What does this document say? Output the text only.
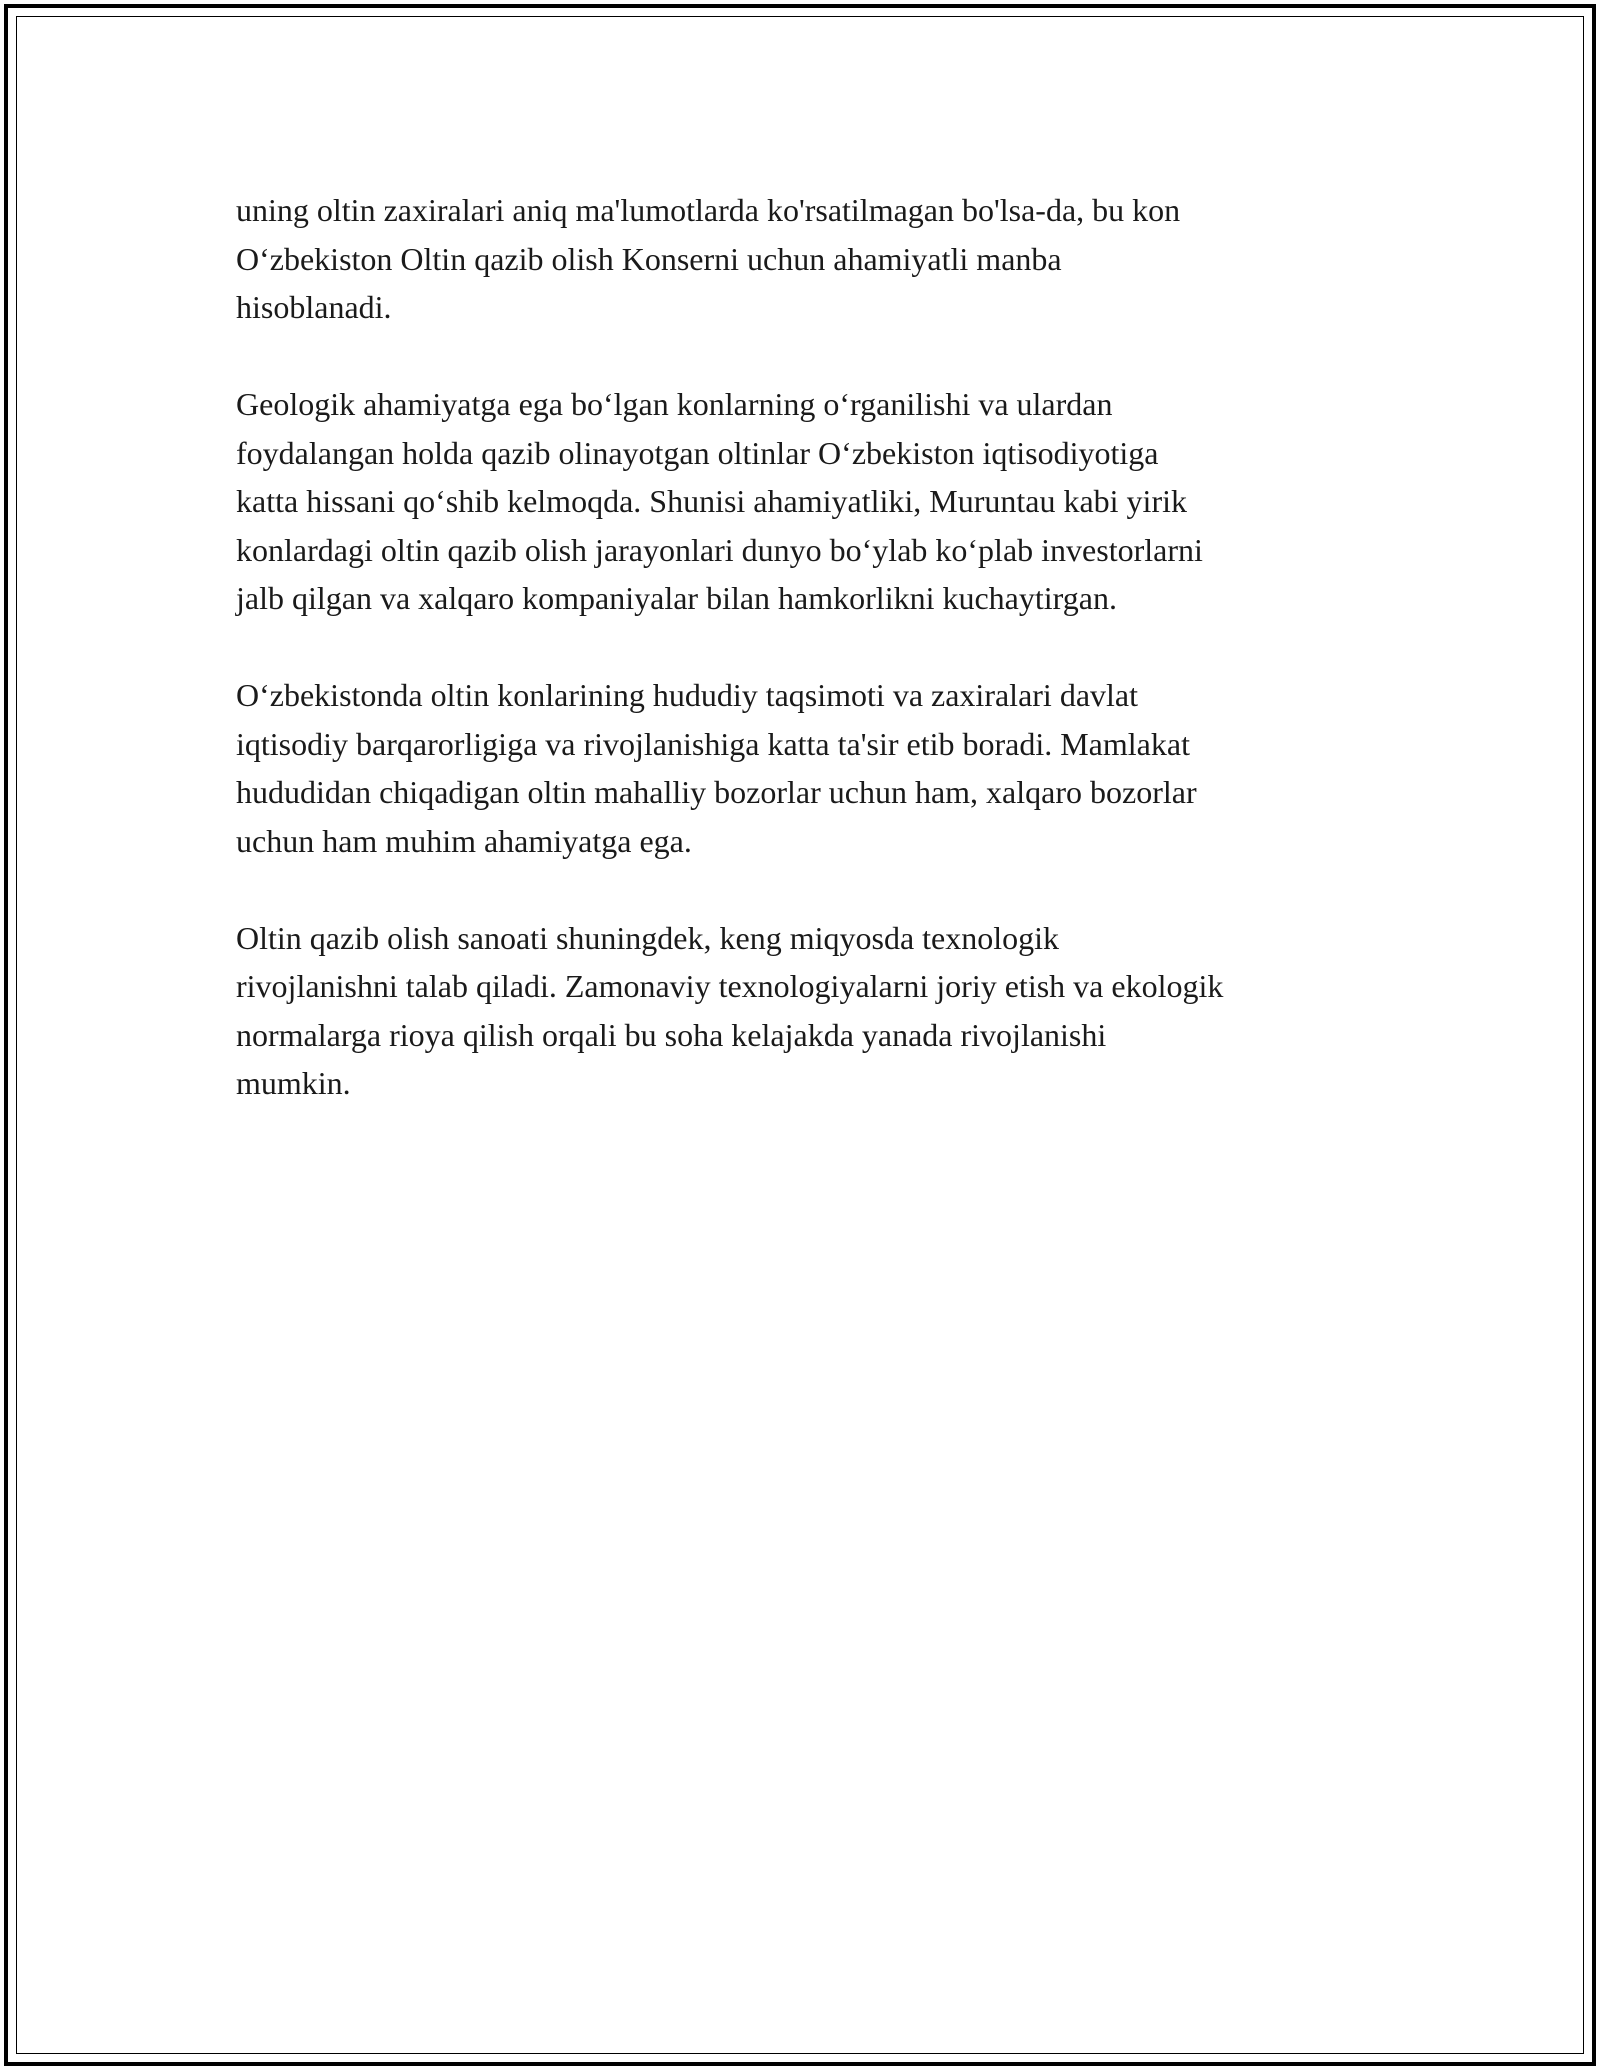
uning oltin zaxiralari aniq ma'lumotlarda ko'rsatilmagan bo'lsa-da, bu kon
O‘zbekiston Oltin qazib olish Konserni uchun ahamiyatli manba
hisoblanadi.

Geologik ahamiyatga ega bo‘lgan konlarning o‘rganilishi va ulardan
foydalangan holda qazib olinayotgan oltinlar O‘zbekiston iqtisodiyotiga
katta hissani qo‘shib kelmoqda. Shunisi ahamiyatliki, Muruntau kabi yirik
konlardagi oltin qazib olish jarayonlari dunyo bo‘ylab ko‘plab investorlarni
jalb qilgan va xalqaro kompaniyalar bilan hamkorlikni kuchaytirgan.

O‘zbekistonda oltin konlarining hududiy taqsimoti va zaxiralari davlat
iqtisodiy barqarorligiga va rivojlanishiga katta ta'sir etib boradi. Mamlakat
hududidan chiqadigan oltin mahalliy bozorlar uchun ham, xalqaro bozorlar
uchun ham muhim ahamiyatga ega.

Oltin qazib olish sanoati shuningdek, keng miqyosda texnologik
rivojlanishni talab qiladi. Zamonaviy texnologiyalarni joriy etish va ekologik
normalarga rioya qilish orqali bu soha kelajakda yanada rivojlanishi
mumkin.
